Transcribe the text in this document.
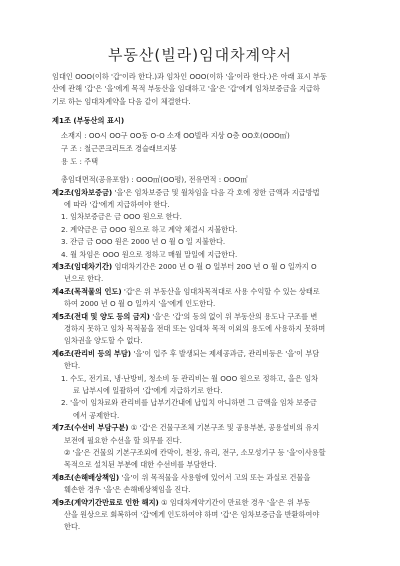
부동산(빌라)임대차계약서
임대인 OOO(이하 '갑'이라 한다.)과 임차인 OOO(이하 '을'이라 한다.)은 아래 표시 부동
산에 관해 '갑'은 '을'에게 목적 부동산을 임대하고 '을'은 '갑'에게 임차보증금을 지급하
기로 하는 임대차계약을 다음 같이 체결한다.
제1조 (부동산의 표시)
소재지 : OO시 OO구 OO동 O-O 소재 OO빌라 지상 O층 OO호(OOO㎡)
구 조 : 철근콘크리트조 경슬래브지붕
용 도 : 주택
총임대면적(공유포함) : OOO㎡(OO평), 전유면적 : OOO㎡
제2조(임차보증금) '을'은 임차보증금 및 월차임을 다음 각 호에 정한 금액과 지급방법
에 따라 '갑'에게 지급하여야 한다.
1. 임차보증금은 금 OOO 원으로 한다.
2. 계약금은 금 OOO 원으로 하고 계약 체결시 지불한다.
3. 잔금 금 OOO 원은 2000 년 O 월 O 일 지불한다.
4. 월 차임은 OOO 원으로 정하고 매월 말일에 지급한다.
제3조(임대차기간) 임대차기간은 2000 년 O 월 O 일부터 20O 년 O 월 O 일까지 O
년으로 한다.
제4조(목적물의 인도) '갑'은 위 부동산을 임대차목적대로 사용 수익할 수 있는 상태로
하여 2000 년 O 월 O 일까지 '을'에게 인도한다.
제5조(전대 및 양도 등의 금지) '을'은 '갑'의 동의 없이 위 부동산의 용도나 구조를 변
경하지 못하고 임차 목적물을 전대 또는 임대차 목적 이외의 용도에 사용하지 못하며
임차권을 양도할 수 없다.
제6조(관리비 등의 부담) '을'이 입주 후 발생되는 제세공과금, 관리비등은 '을'이 부담
한다.
1. 수도, 전기료, 냉·난방비, 청소비 등 관리비는 월 OOO 원으로 정하고, 을은 임차
료 납부시에 일괄하여 '갑'에게 지급하기로 한다.
2. '을'이 임차료와 관리비를 납부기간내에 납입치 아니하면 그 금액을 임차 보증금
에서 공제한다.
제7조(수선비 부담구분) ① '갑'은 건물구조체 기본구조 및 공용부분, 공용설비의 유지
보전에 필요한 수선을 할 의무를 진다.
② '을'은 건물의 기본구조외에 칸막이, 천장, 유리, 전구, 소모성기구 등 '을'이사용할
목적으로 설치된 부분에 대한 수선비를 부담한다.
제8조(손해배상책임) '을'이 위 목적물을 사용함에 있어서 고의 또는 과실로 건물을
훼손한 경우 '을'은 손해배상책임을 진다.
제9조(계약기간만료로 인한 해지) ① 임대차계약기간이 만료한 경우 '을'은 위 부동
산을 원상으로 회복하여 '갑'에게 인도하여야 하며 '갑'은 임차보증금을 반환하여야
한다.
